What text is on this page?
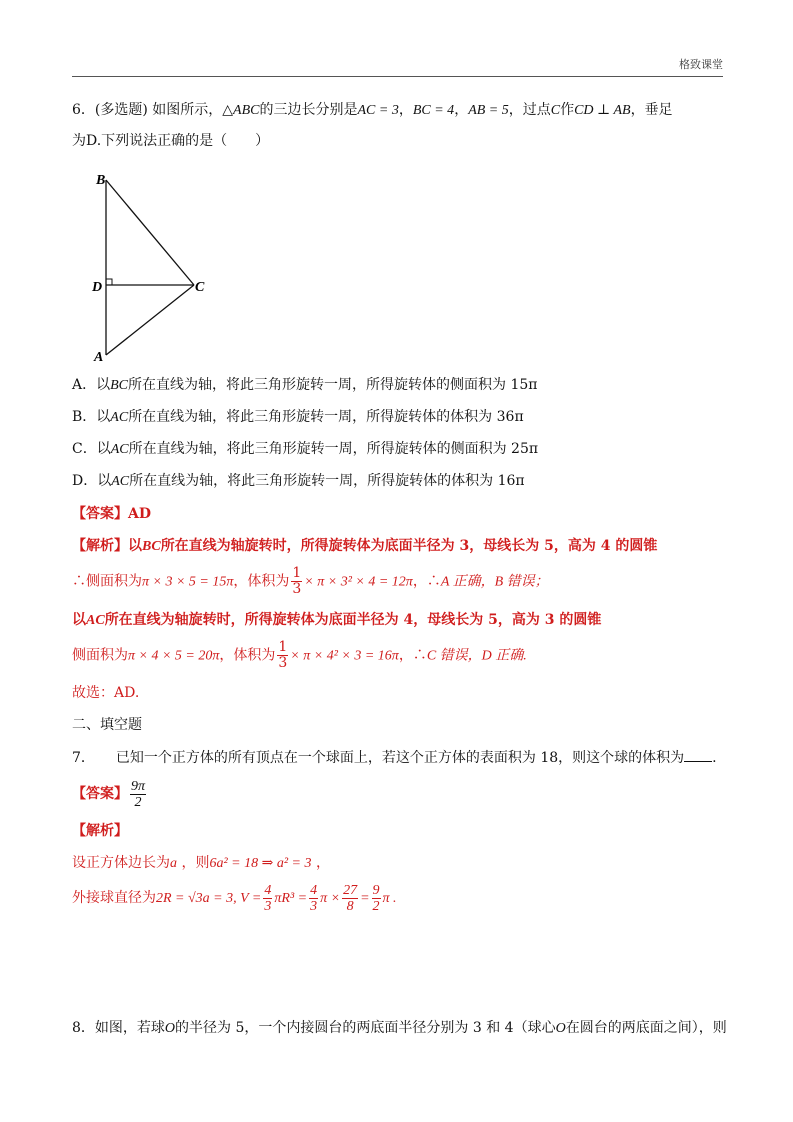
格致课堂
6．(多选题) 如图所示，△ABC的三边长分别是AC = 3，BC = 4，AB = 5，过点C作CD ⊥ AB，垂足
为D.下列说法正确的是（　　）
B
D	C
A
A．以BC所在直线为轴，将此三角形旋转一周，所得旋转体的侧面积为 15π
B．以AC所在直线为轴，将此三角形旋转一周，所得旋转体的体积为 36π
C．以AC所在直线为轴，将此三角形旋转一周，所得旋转体的侧面积为 25π
D．以AC所在直线为轴，将此三角形旋转一周，所得旋转体的体积为 16π
【答案】AD
【解析】以BC所在直线为轴旋转时，所得旋转体为底面半径为 3，母线长为 5，高为 4 的圆锥
∴侧面积为π × 3 × 5 = 15π，体积为 $\frac{1}{3} \times \pi \times 3^2 \times 4 = 12\pi$，∴A 正确，B 错误；
以AC所在直线为轴旋转时，所得旋转体为底面半径为 4，母线长为 5，高为 3 的圆锥
侧面积为π × 4 × 5 = 20π，体积为 $\frac{1}{3} \times \pi \times 4^2 \times 3 = 16\pi$，∴C 错误，D 正确.
故选：AD.
二、填空题
7．　　已知一个正方体的所有顶点在一个球面上，若这个正方体的表面积为 18，则这个球的体积为 .
【答案】 $\frac{9\pi}{2}$
【解析】
设正方体边长为a ，则6a² = 18 ⇒ a² = 3 ，
外接球直径为2R = √3a = 3, $V = \frac{4}{3} \pi R^3 = \frac{4}{3}$ $\pi \times \frac{27}{8} = \frac{9}{2}$ π .
8．如图，若球O的半径为 5，一个内接圆台的两底面半径分别为 3 和 4（球心O在圆台的两底面之间），则
